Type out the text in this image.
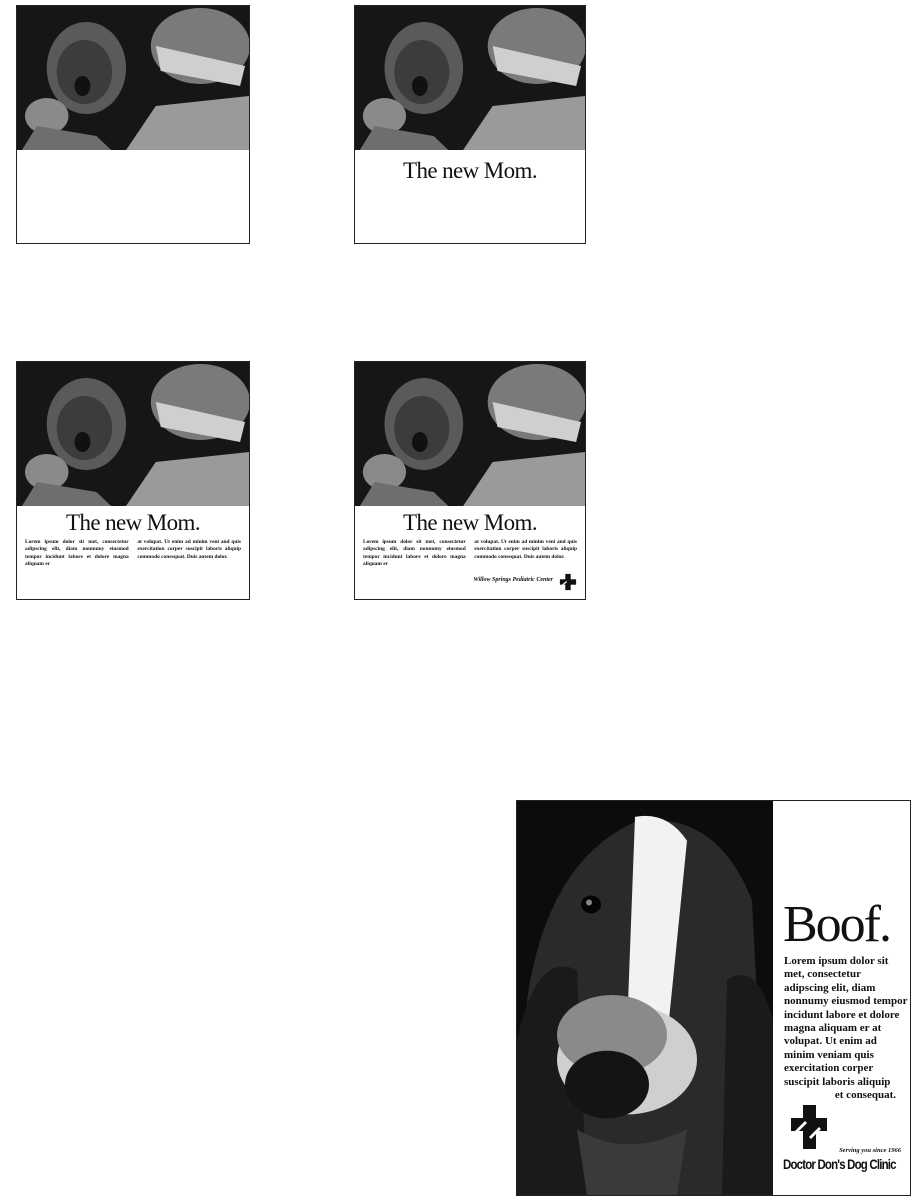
The new Mom.
The new Mom.
Lorem ipsum dolor sit met, consectetur adipscing elit, diam nonnumy eiusmod tempor incidunt labore et dolore magna aliquam er
at volupat. Ut enim ad minim veni and quis exercitation corper suscipit laboris aliquip commodo consequat. Duis autem dolor.
The new Mom.
Lorem ipsum dolor sit met, consectetur adipscing elit, diam nonnumy eiusmod tempor incidunt labore et dolore magna aliquam er
at volupat. Ut enim ad minim veni and quis exercitation corper suscipit laboris aliquip commodo consequat. Duis autem dolor.
Willow Springs Pediatric Center
Boof.
Lorem ipsum dolor sit met, consectetur adipscing elit, diam nonnumy eiusmod tempor incidunt labore et dolore magna aliquam er at volupat. Ut enim ad minim veniam quis exercitation corper suscipit laboris aliquip
et consequat.
Serving you since 1966
Doctor Don's Dog Clinic
